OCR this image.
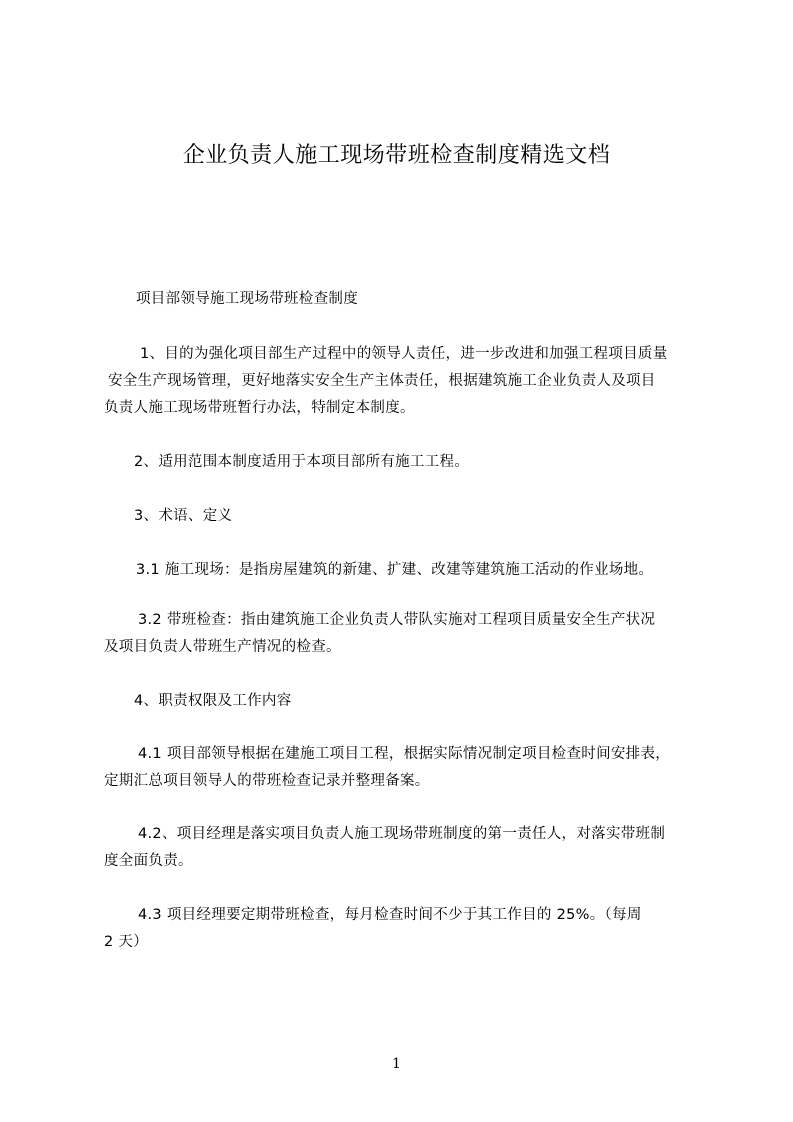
企业负责人施工现场带班检查制度精选文档
项目部领导施工现场带班检查制度
1、目的为强化项目部生产过程中的领导人责任，进一步改进和加强工程项目质量
安全生产现场管理，更好地落实安全生产主体责任，根据建筑施工企业负责人及项目
负责人施工现场带班暂行办法，特制定本制度。
2、适用范围本制度适用于本项目部所有施工工程。
3、术语、定义
3.1 施工现场：是指房屋建筑的新建、扩建、改建等建筑施工活动的作业场地。
3.2 带班检查：指由建筑施工企业负责人带队实施对工程项目质量安全生产状况
及项目负责人带班生产情况的检查。
4、职责权限及工作内容
4.1 项目部领导根据在建施工项目工程，根据实际情况制定项目检查时间安排表，
定期汇总项目领导人的带班检查记录并整理备案。
4.2、项目经理是落实项目负责人施工现场带班制度的第一责任人，对落实带班制
度全面负责。
4.3 项目经理要定期带班检查，每月检查时间不少于其工作目的 25%。（每周
2 天）
1
